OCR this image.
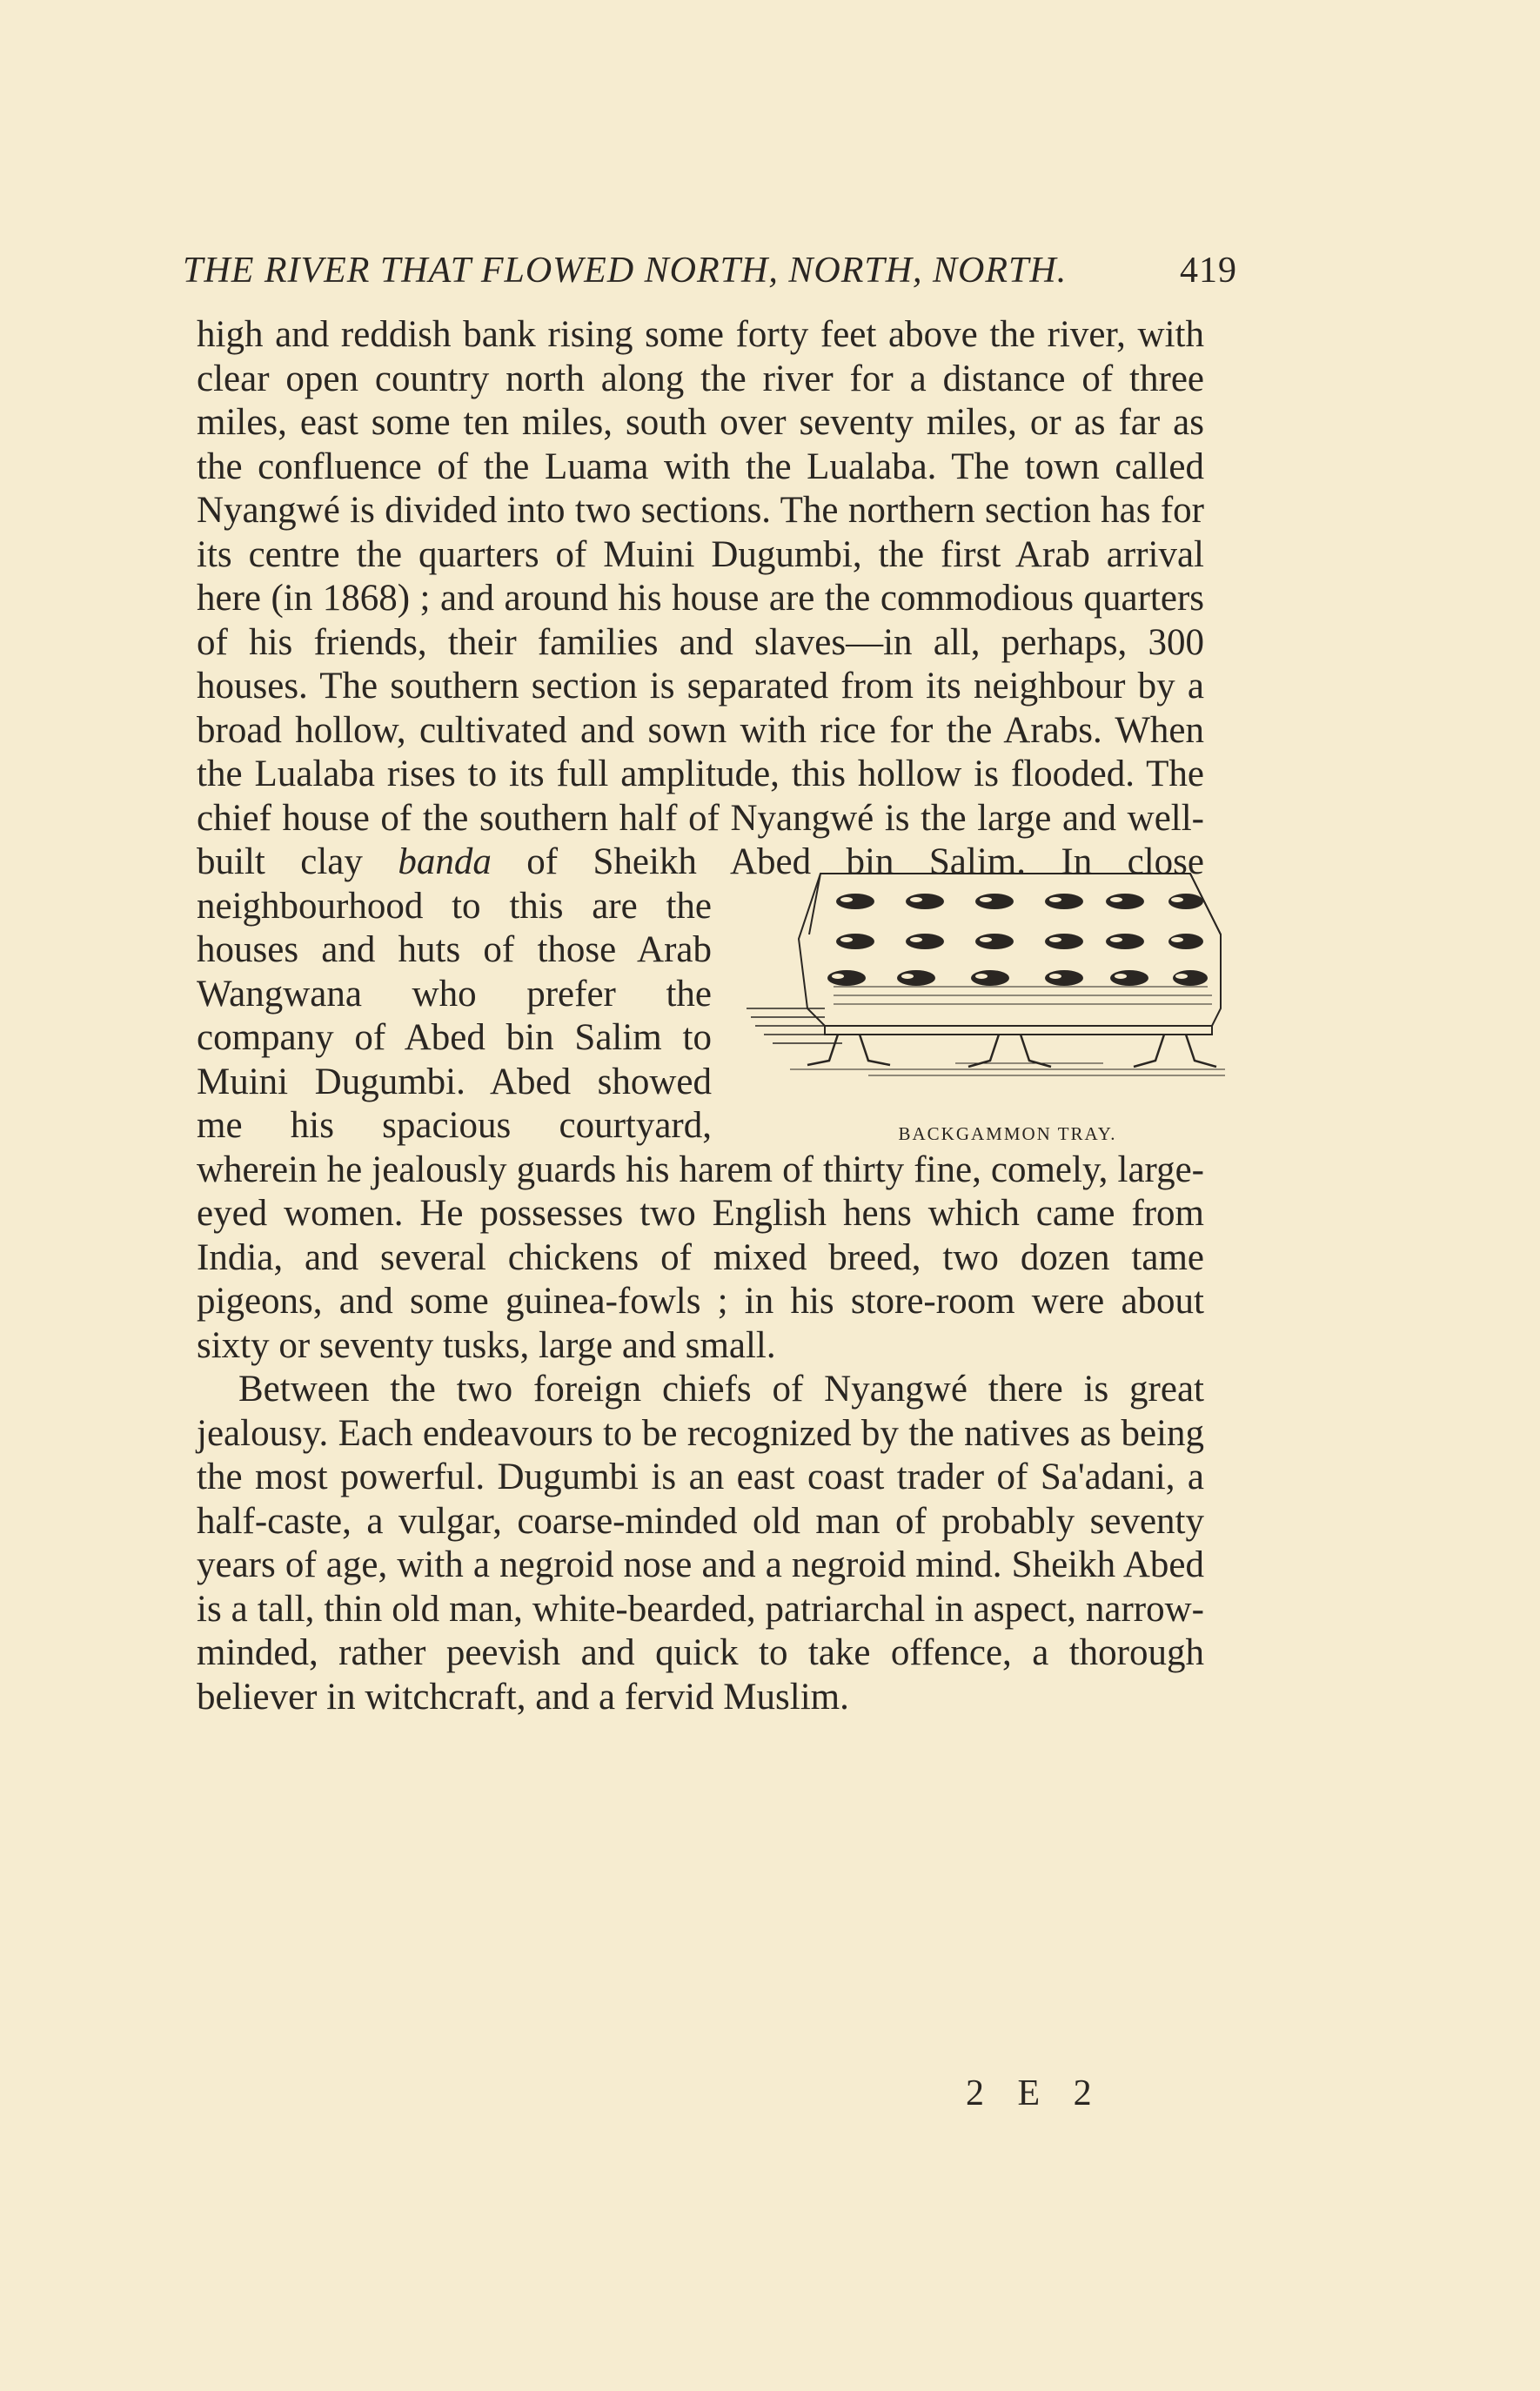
THE RIVER THAT FLOWED NORTH, NORTH, NORTH.	419

high and reddish bank rising some forty feet above the river, with clear open country north along the river for a distance of three miles, east some ten miles, south over seventy miles, or as far as the confluence of the Luama with the Lualaba. The town called Nyangwé is divided into two sections. The northern section has for its centre the quarters of Muini Dugumbi, the first Arab arrival here (in 1868) ; and around his house are the commodious quarters of his friends, their families and slaves—in all, perhaps, 300 houses. The southern section is separated from its neighbour by a broad hollow, cultivated and sown with rice for the Arabs. When the Lualaba rises to its full amplitude, this hollow is flooded. The chief house of the southern half of Nyangwé is the large and well-built clay banda
BACKGAMMON TRAY.
of Sheikh Abed bin Salim. In close neighbourhood to this are the houses and huts of those Arab Wangwana who prefer the company of Abed bin Salim to Muini Dugumbi. Abed showed me his spacious courtyard, wherein he jealously guards his harem of thirty fine, comely, large-eyed women. He possesses two English hens which came from India, and several chickens of mixed breed, two dozen tame pigeons, and some guinea-fowls ; in his store-room were about sixty or seventy tusks, large and small.

Between the two foreign chiefs of Nyangwé there is great jealousy. Each endeavours to be recognized by the natives as being the most powerful. Dugumbi is an east coast trader of Sa'adani, a half-caste, a vulgar, coarse-minded old man of probably seventy years of age, with a negroid nose and a negroid mind. Sheikh Abed is a tall, thin old man, white-bearded, patriarchal in aspect, narrow-minded, rather peevish and quick to take offence, a thorough believer in witchcraft, and a fervid Muslim.

2 E 2
